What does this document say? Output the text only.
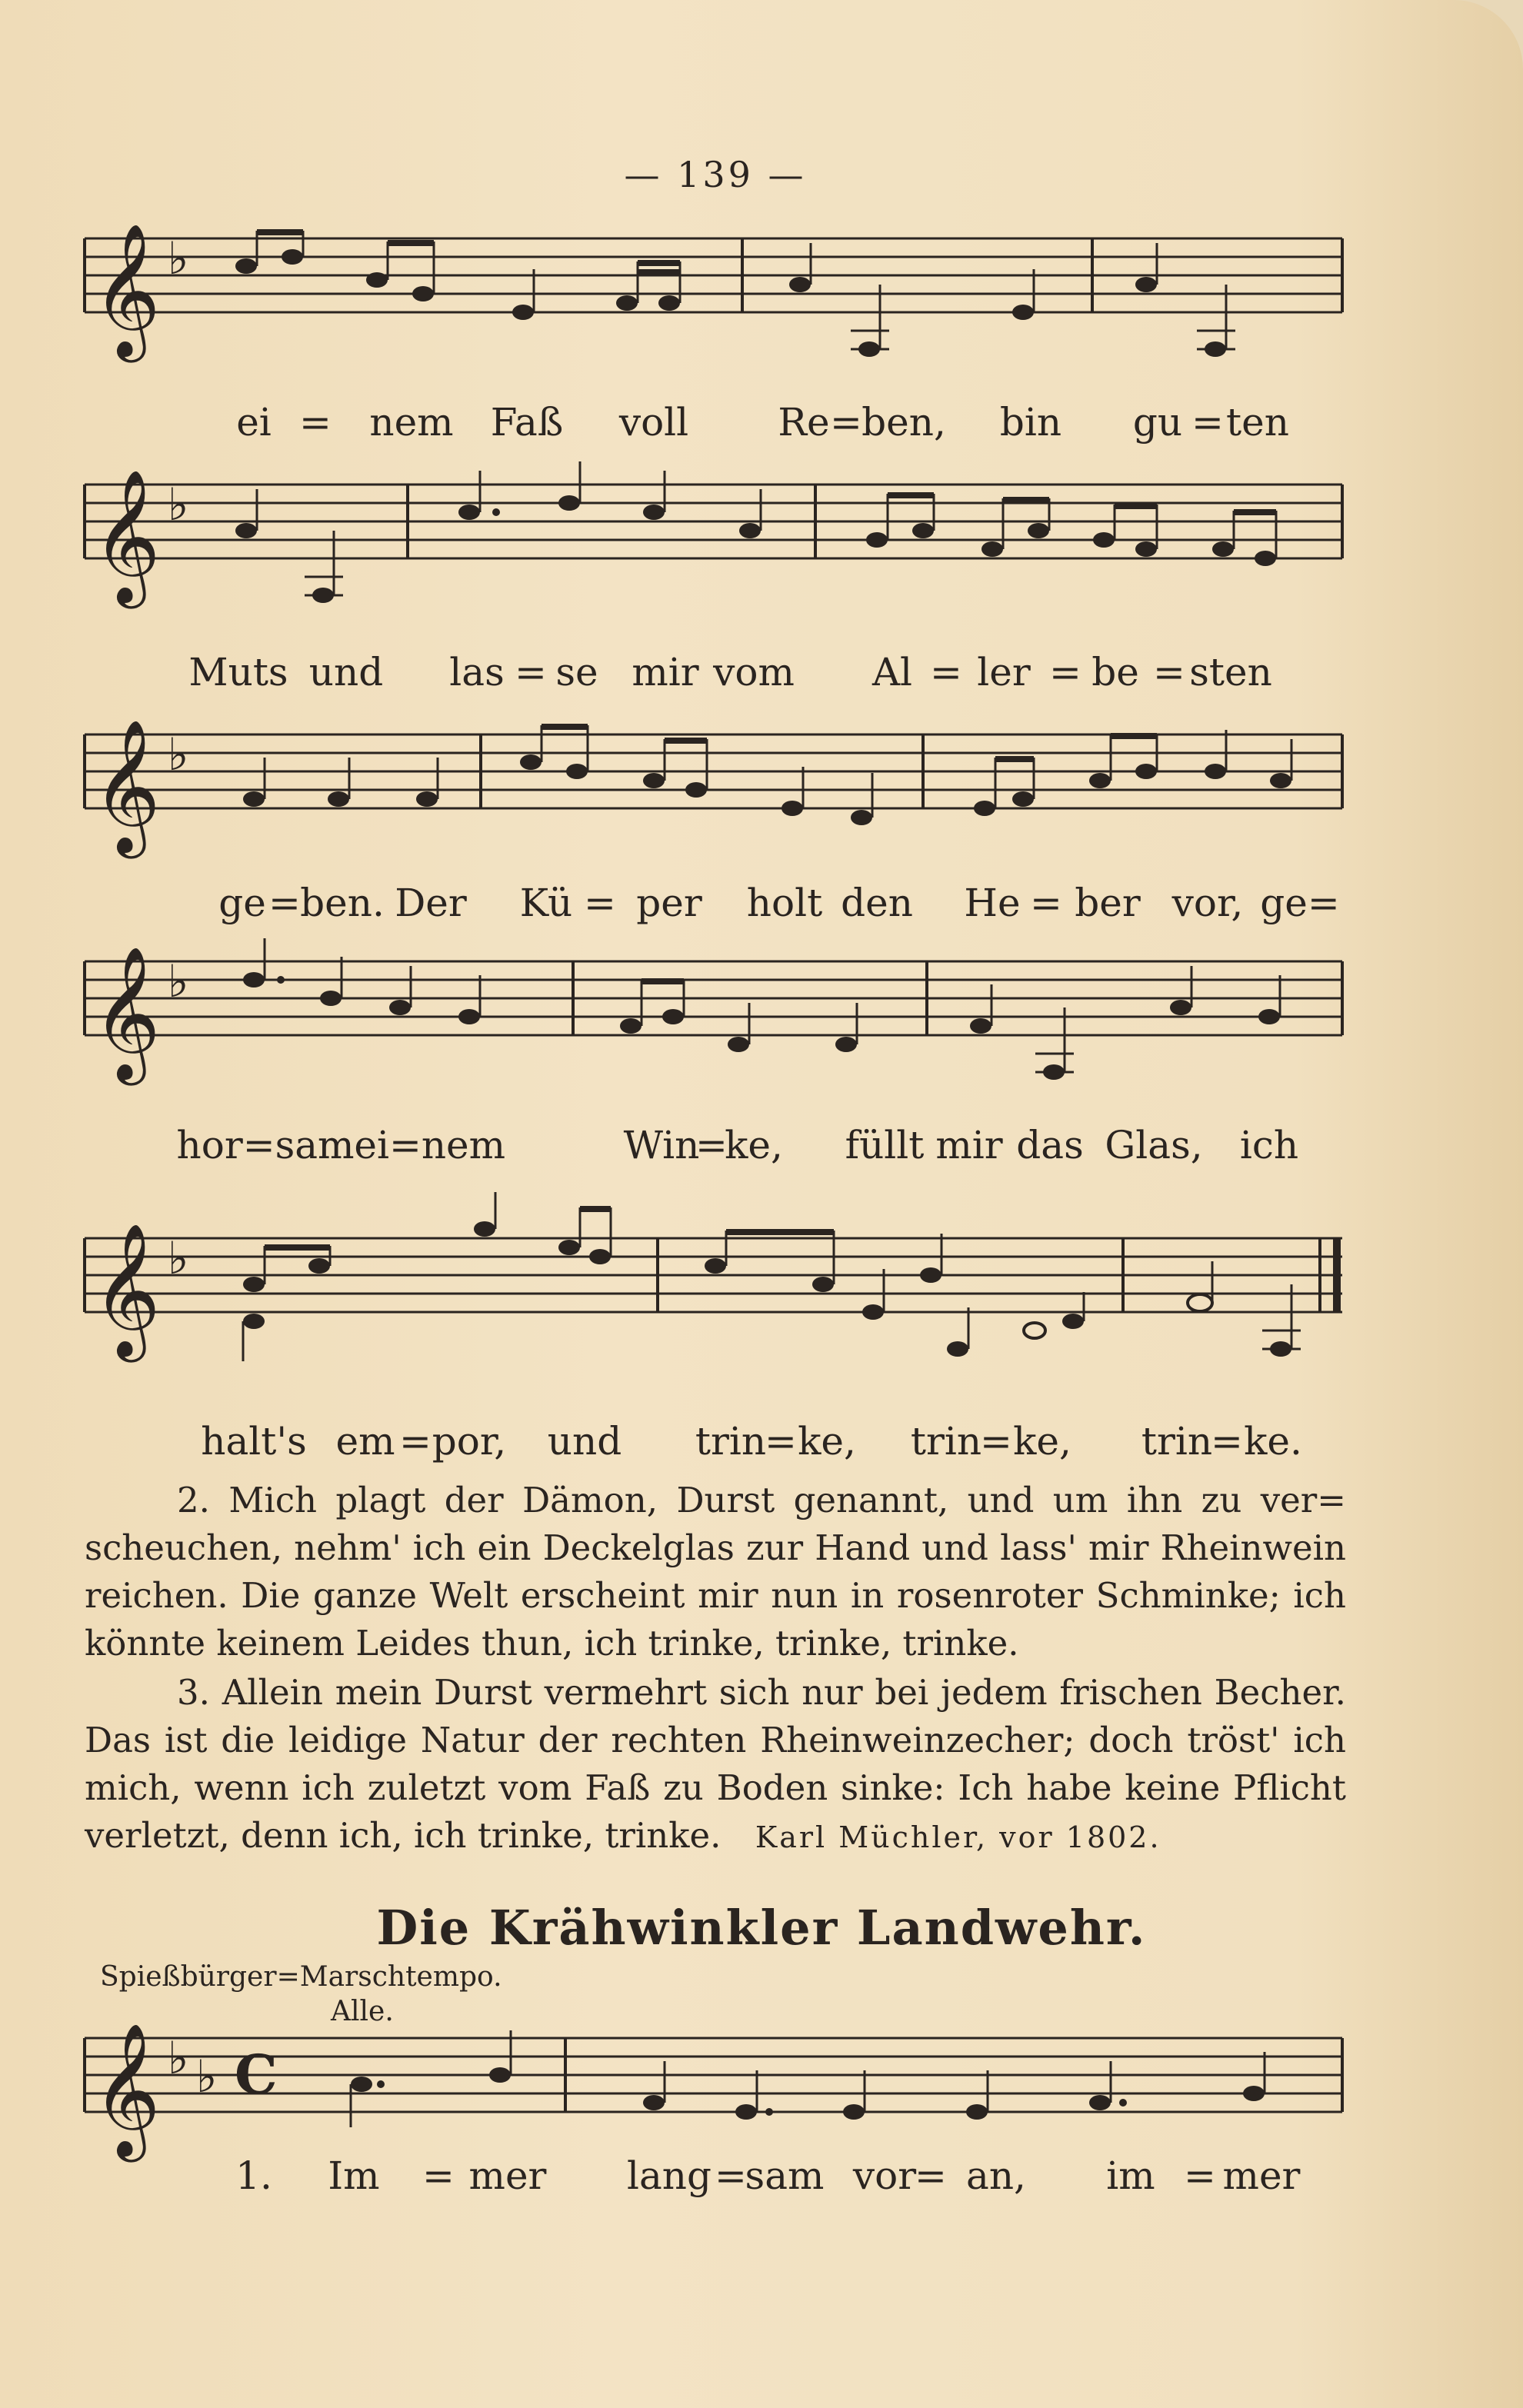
— 139 —
𝄞 ♭
ei = nem Faß voll Re = ben, bin gu = ten
𝄞 ♭
Muts und las = se mir vom Al = ler = be = sten
𝄞 ♭
ge = ben. Der Kü = per holt den He = ber vor, ge=
𝄞 ♭
hor=sam
mei=nem	Win
=
ke, füllt mir das Glas, ich
𝄞 ♭
halt's em = por, und trin
= ke, trin
= ke, trin
= ke.
2. Mich plagt der Dämon, Durst genannt, und um ihn zu ver= scheuchen, nehm' ich ein Deckelglas zur Hand und lass' mir Rheinwein reichen. Die ganze Welt erscheint mir nun in rosenroter Schminke; ich könnte keinem Leides thun, ich trinke, trinke, trinke.
3. Allein mein Durst vermehrt sich nur bei jedem frischen Becher. Das ist die leidige Natur der rechten Rheinweinzecher; doch tröst' ich mich, wenn ich zuletzt vom Faß zu Boden sinke: Ich habe keine Pflicht verletzt, denn ich, ich trinke, trinke. Karl Müchler, vor 1802.
Die Krähwinkler Landwehr.
Spießbürger=Marschtempo.
Alle.
𝄞 ♭ ♭ C
1. Im = mer lang =
sam vor
= an, im = mer
